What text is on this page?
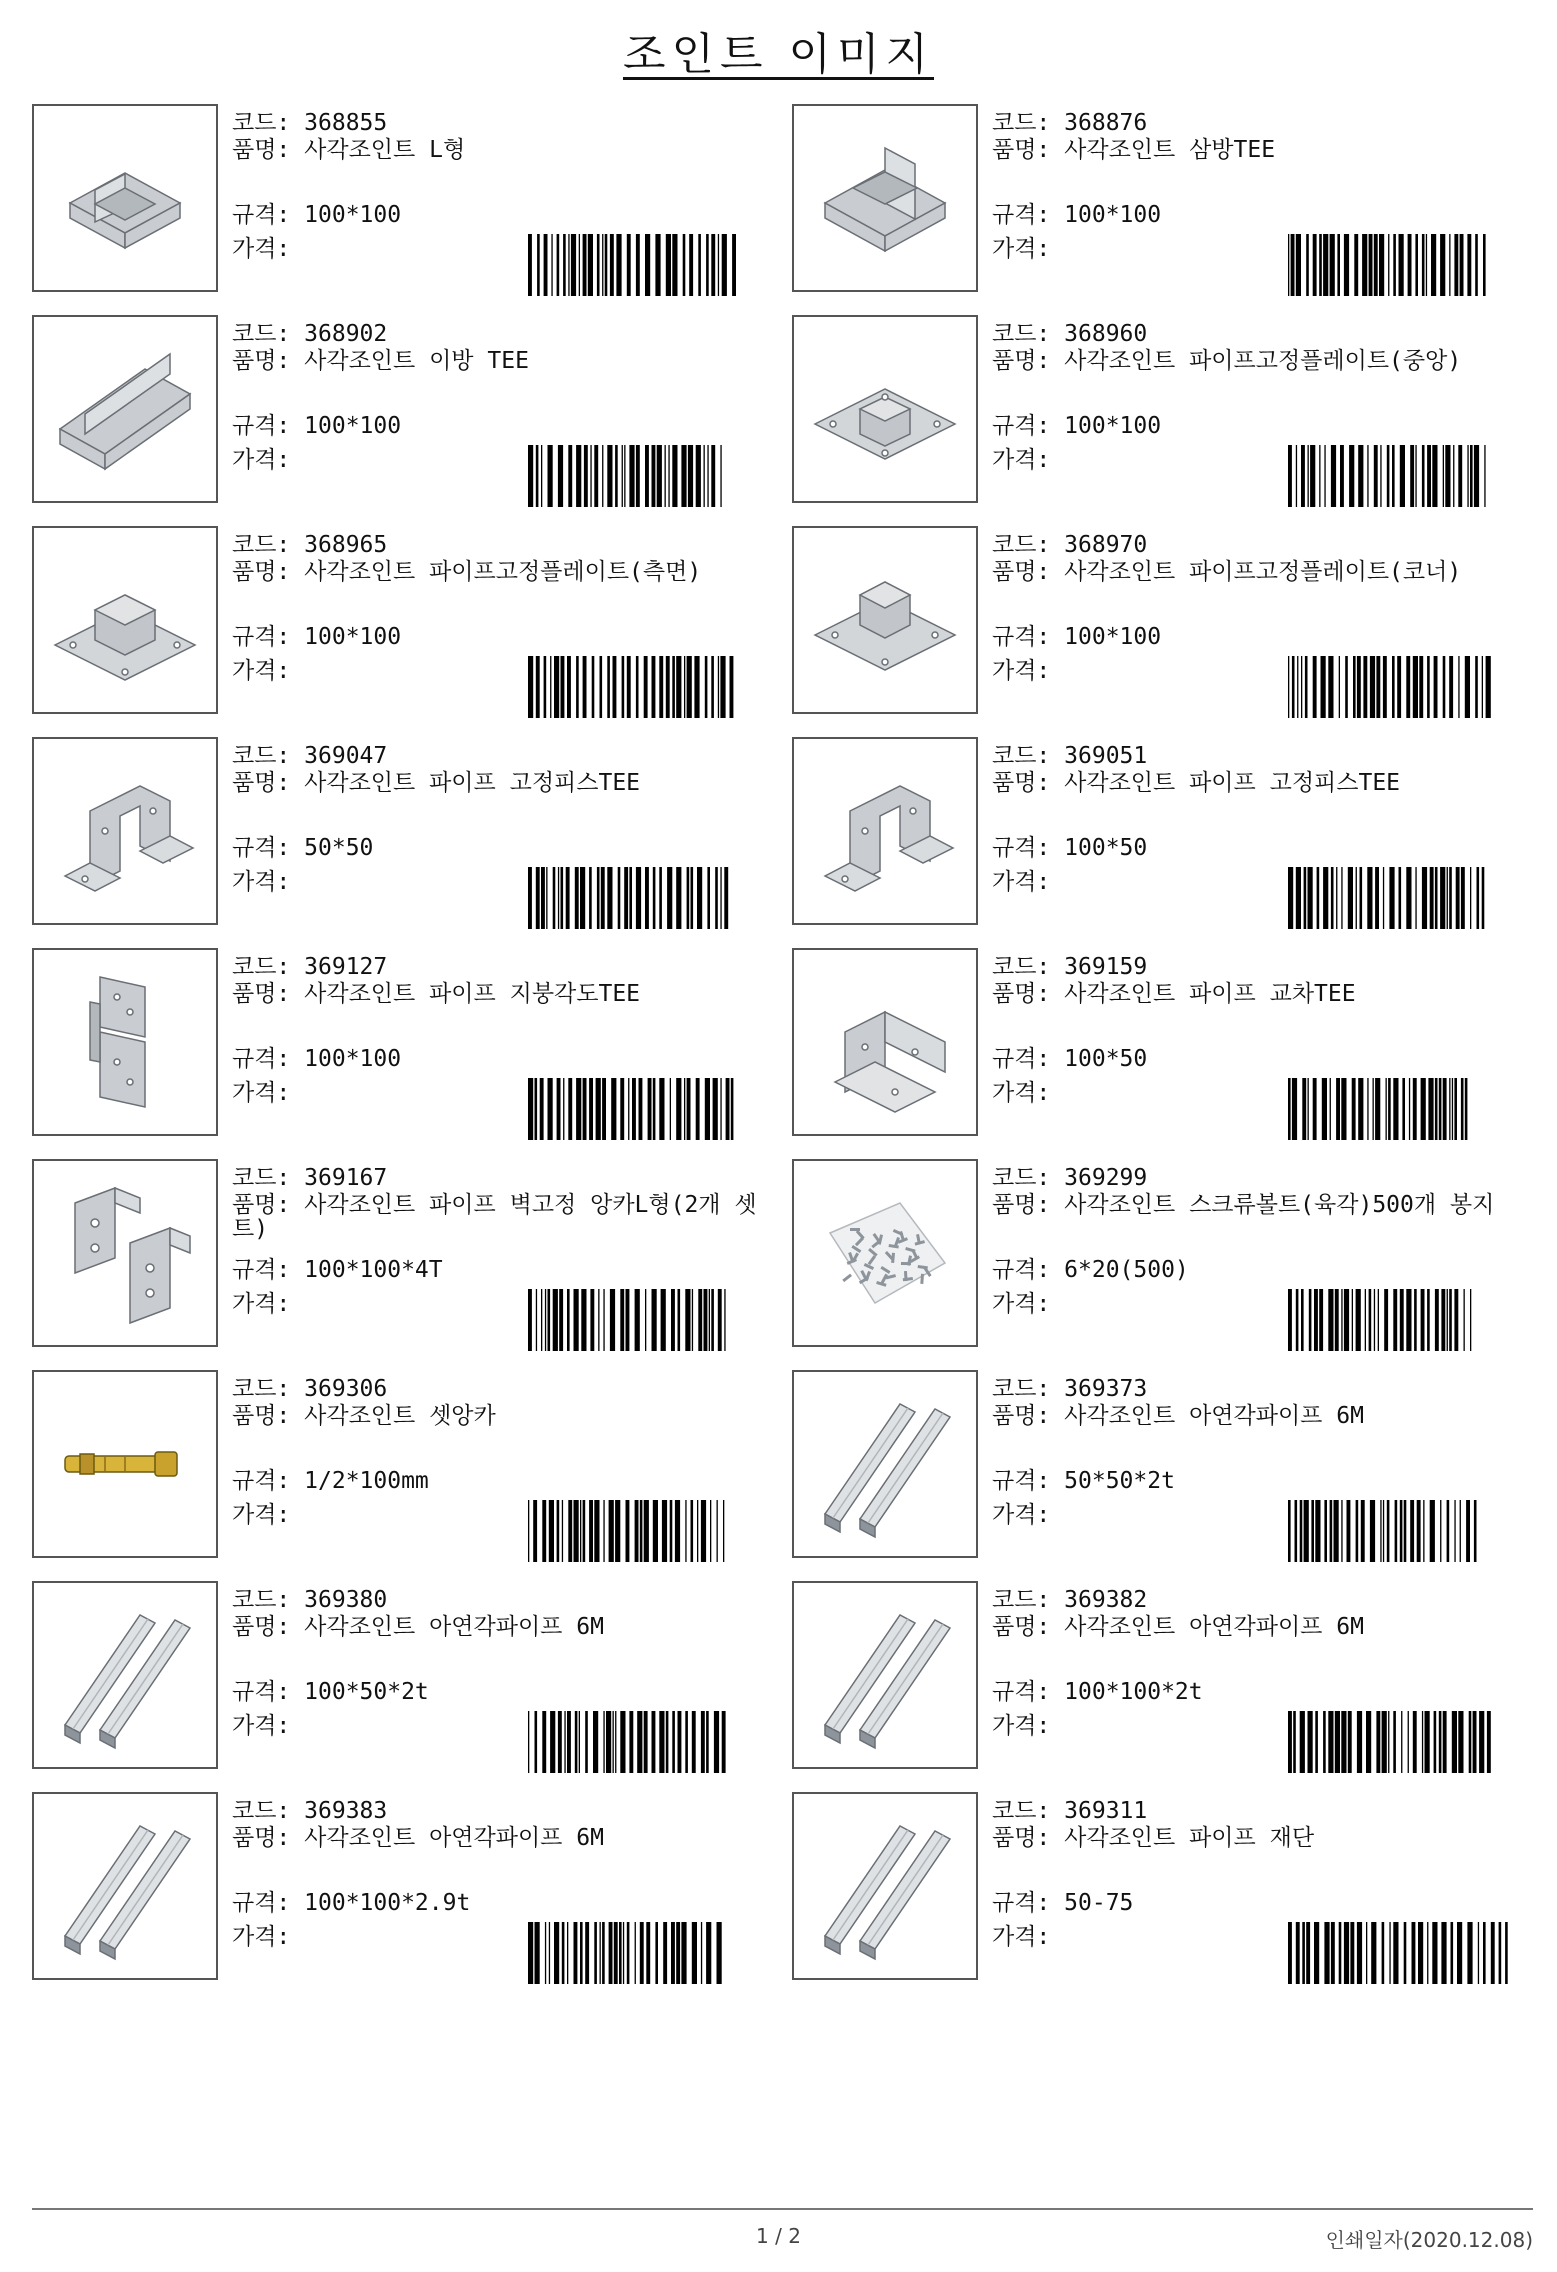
조인트 이미지
코드: 368855
품명: 사각조인트 L형
규격: 100*100
가격:
코드: 368876
품명: 사각조인트 삼방TEE
규격: 100*100
가격:
코드: 368902
품명: 사각조인트 이방 TEE
규격: 100*100
가격:
코드: 368960
품명: 사각조인트 파이프고정플레이트(중앙)
규격: 100*100
가격:
코드: 368965
품명: 사각조인트 파이프고정플레이트(측면)
규격: 100*100
가격:
코드: 368970
품명: 사각조인트 파이프고정플레이트(코너)
규격: 100*100
가격:
코드: 369047
품명: 사각조인트 파이프 고정피스TEE
규격: 50*50
가격:
코드: 369051
품명: 사각조인트 파이프 고정피스TEE
규격: 100*50
가격:
코드: 369127
품명: 사각조인트 파이프 지붕각도TEE
규격: 100*100
가격:
코드: 369159
품명: 사각조인트 파이프 교차TEE
규격: 100*50
가격:
코드: 369167
품명: 사각조인트 파이프 벽고정 앙카L형(2개 셋트)
규격: 100*100*4T
가격:
코드: 369299
품명: 사각조인트 스크류볼트(육각)500개 봉지
규격: 6*20(500)
가격:
코드: 369306
품명: 사각조인트 셋앙카
규격: 1/2*100mm
가격:
코드: 369373
품명: 사각조인트 아연각파이프 6M
규격: 50*50*2t
가격:
코드: 369380
품명: 사각조인트 아연각파이프 6M
규격: 100*50*2t
가격:
코드: 369382
품명: 사각조인트 아연각파이프 6M
규격: 100*100*2t
가격:
코드: 369383
품명: 사각조인트 아연각파이프 6M
규격: 100*100*2.9t
가격:
코드: 369311
품명: 사각조인트 파이프 재단
규격: 50-75
가격:
1 / 2	인쇄일자(2020.12.08)
